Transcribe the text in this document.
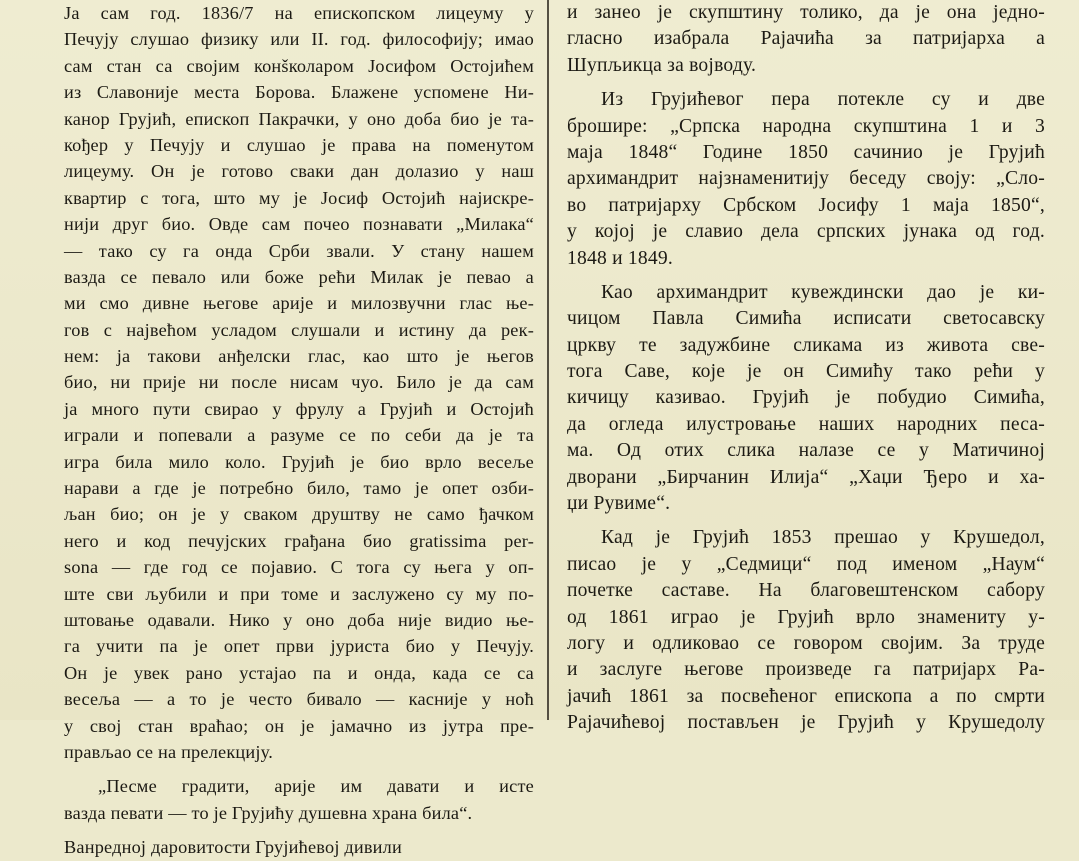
Ја сам год. 1836/7 на епископском лицеуму у
Печују слушао физику или II. год. философију; имао
сам стан са својим конšколарoм Јосифом Остојићем
из Славоније места Борова. Блажене успомене Ни-
канор Грујић, епископ Пакрачки, у оно доба био је та-
кођер у Печују и слушао је права на поменутом
лицеуму. Он је готово сваки дан долазио у наш
квартир с тога, што му је Јосиф Остојић најискре-
нији друг био. Овде сам почео познавати „Милака“
— тако су га онда Срби звали. У стану нашем
вазда се певало или боже рећи Милак је певао а
ми смо дивне његове арије и милозвучни глас ње-
гов с највећом усладом слушали и истину да рек-
нем: ја такови анђелски глас, као што је његов
био, ни прије ни после нисам чуо. Било је да сам
ја много пути свирао у фрулу а Грујић и Остојић
играли и попевали а разуме се по себи да је та
игра била мило коло. Грујић је био врло весеље
нарави а где је потребно било, тамо је опет озби-
љан био; он је у сваком друштву не само ђачком
него и код печујских грађана био gratissima per-
sona — где год се појавио. С тога су њега у оп-
ште сви љубили и при томе и заслужено су му по-
штовање одавали. Нико у оно доба није видио ње-
га учити па је опет први јуриста био у Печују.
Он је увек рано устајао па и онда, када се са
весеља — а то је често бивало — касније у ноћ
у свој стан враћао; он је јамачно из јутра пре-
прављао се на прелекцију.
„Песме градити, арије им давати и исте
вазда певати — то је Грујићу душевна храна била“.
Ванредној даровитости Грујићевој дивили
и занео је скупштину толико, да је она једно-
гласно изабрала Рајачића за патријарха а
Шупљикца за војводу.
Из Грујићевог пера потекле су и две
брошире: „Српска народна скупштина 1 и 3
маја 1848“ Године 1850 сачинио је Грујић
архимандрит најзнаменитију беседу своју: „Сло-
во патријарху Србском Јосифу 1 маја 1850“,
у којој је славио дела српских јунака од год.
1848 и 1849.
Као архимандрит кувеждински дао је ки-
чицом Павла Симића исписати светосавску
цркву те задужбине сликама из живота све-
тога Саве, које је он Симићу тако рећи у
кичицу казивао. Грујић је побудио Симића,
да огледа илустровање наших народних песа-
ма. Од отих слика налазе се у Матичиној
дворани „Бирчанин Илија“ „Хаџи Ђеро и ха-
џи Рувиме“.
Кад је Грујић 1853 прешао у Крушедол,
писао је у „Седмици“ под именом „Наум“
почетке саставе. На благовештенском сабору
од 1861 играо је Грујић врло знамениту у-
логу и одликовао се говором својим. За труде
и заслуге његове произведе га патријарх Ра-
јачић 1861 за посвећеног епископа а по смрти
Рајачићевој постављен је Грујић у Крушедолу
